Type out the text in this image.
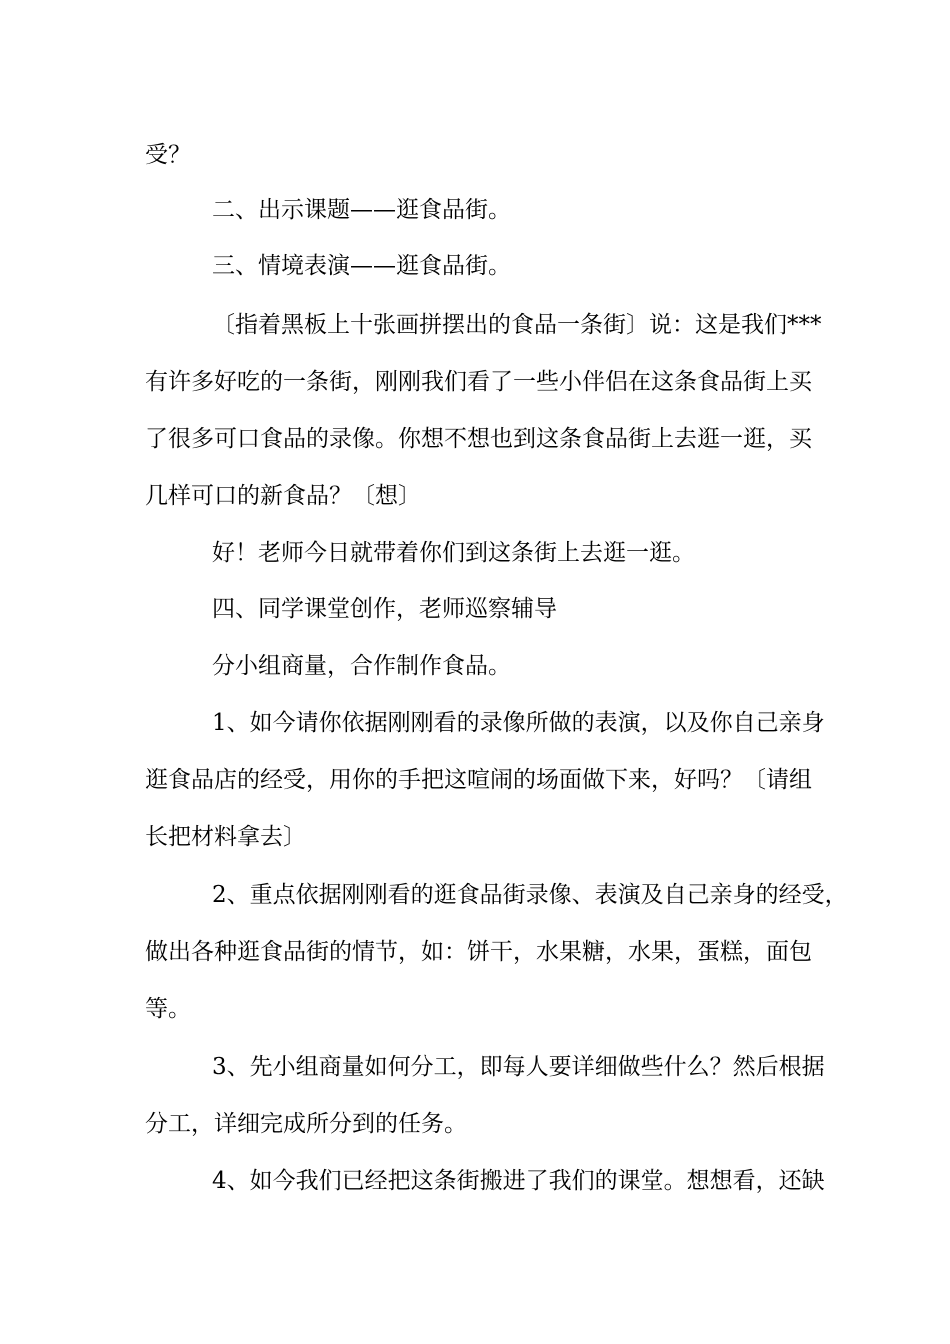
受？
二、出示课题——逛食品街。
三、情境表演——逛食品街。
〔指着黑板上十张画拼摆出的食品一条街〕说：这是我们***
有许多好吃的一条街，刚刚我们看了一些小伴侣在这条食品街上买
了很多可口食品的录像。你想不想也到这条食品街上去逛一逛，买
几样可口的新食品？〔想〕
好！老师今日就带着你们到这条街上去逛一逛。
四、同学课堂创作，老师巡察辅导
分小组商量，合作制作食品。
1、如今请你依据刚刚看的录像所做的表演，以及你自己亲身
逛食品店的经受，用你的手把这喧闹的场面做下来，好吗？〔请组
长把材料拿去〕
2、重点依据刚刚看的逛食品街录像、表演及自己亲身的经受，
做出各种逛食品街的情节，如：饼干，水果糖，水果，蛋糕，面包
等。
3、先小组商量如何分工，即每人要详细做些什么？然后根据
分工，详细完成所分到的任务。
4、如今我们已经把这条街搬进了我们的课堂。想想看，还缺
